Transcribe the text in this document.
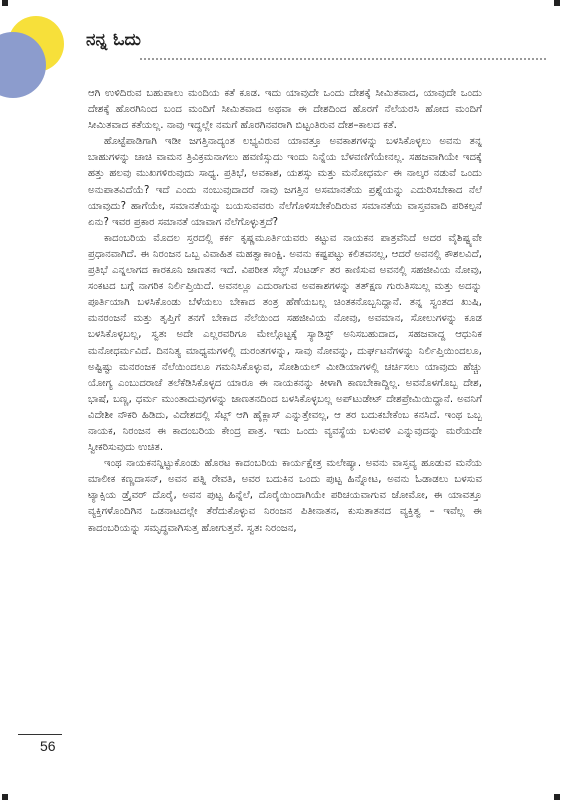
ನನ್ನ ಓದು

ಆಗಿ ಉಳಿದಿರುವ ಬಹುಪಾಲು ಮಂದಿಯ ಕತೆ ಕೂಡ. ಇದು ಯಾವುದೇ ಒಂದು ದೇಶಕ್ಕೆ ಸೀಮಿತವಾದ, ಯಾವುದೇ ಒಂದು ದೇಶಕ್ಕೆ ಹೊರಗಿನಿಂದ ಬಂದ ಮಂದಿಗೆ ಸೀಮಿತವಾದ ಅಥವಾ ಈ ದೇಶದಿಂದ ಹೊರಗೆ ನೆಲೆಯರಸಿ ಹೋದ ಮಂದಿಗೆ ಸೀಮಿತವಾದ ಕತೆಯಲ್ಲ. ನಾವು ಇದ್ದಲ್ಲೇ ನಮಗೆ ಹೊರಗಿನವರಾಗಿ ಬಿಟ್ಟಂತಿರುವ ದೇಶ–ಕಾಲದ ಕತೆ.

ಹೊಟ್ಟೆಪಾಡಿಗಾಗಿ ಇಡೀ ಜಗತ್ತಿನಾದ್ಯಂತ ಲಭ್ಯವಿರುವ ಯಾವತ್ತೂ ಅವಕಾಶಗಳನ್ನು ಬಳಸಿಕೊಳ್ಳಲು ಅವನು ತನ್ನ ಬಾಹುಗಳನ್ನು ಚಾಚಿ ವಾಮನ ತ್ರಿವಿಕ್ರಮನಾಗಲು ಹವಣಿಸ್ಸುದು ಇಂದು ನಿನ್ನೆಯ ಬೆಳವಣಿಗೆಯೇನಲ್ಲ. ಸಹಜವಾಗಿಯೇ ಇದಕ್ಕೆ ಹತ್ತು ಹಲವು ಮುಖಗಳಿರುವುದು ಸಾಧ್ಯ. ಪ್ರತಿಭೆ, ಅವಕಾಶ, ಯಶಸ್ಸು ಮತ್ತು ಮನೋಧರ್ಮ ಈ ನಾಲ್ಕರ ನಡುವೆ ಒಂದು ಅನುಪಾತವಿದೆಯೆ? ಇದೆ ಎಂದು ನಂಬುವುದಾದರೆ ನಾವು ಜಗತ್ತಿನ ಅಸಮಾನತೆಯ ಪ್ರಶ್ನೆಯನ್ನು ಎದುರಿಸಬೇಕಾದ ನೆಲೆ ಯಾವುದು? ಹಾಗೆಯೇ, ಸಮಾನತೆಯನ್ನು ಬಯಸುವವರು ನೆಲೆಗೊಳಿಸಬೇಕೆಂದಿರುವ ಸಮಾನತೆಯ ವಾಸ್ತವವಾದಿ ಪರಿಕಲ್ಪನೆ ಏನು? ಇವರ ಪ್ರಕಾರ ಸಮಾನತೆ ಯಾವಾಗ ನೆಲೆಗೊಳ್ಳುತ್ತದೆ?

ಕಾದಂಬರಿಯ ಮೊದಲ ಸ್ತರದಲ್ಲಿ ಕರ್ಕ ಕೃಷ್ಣಮೂರ್ತಿಯವರು ಕಟ್ಟುವ ನಾಯಕನ ಪಾತ್ರವೆನಿದೆ ಅದರ ವೈಶಿಷ್ಟ್ಯವೇ ಪ್ರಧಾನವಾಗಿದೆ. ಈ ನಿರಂಜನ ಒಬ್ಬ ವಿವಾಹಿತ ಮಹತ್ವಾಕಾಂಕ್ಷಿ. ಅವನು ಕಷ್ಟಪಟ್ಟು ಕಲಿತವನಲ್ಲ, ಆದರೆ ಅವನಲ್ಲಿ ಕೌಶಲವಿದೆ, ಪ್ರತಿಭೆ ಎನ್ನಲಾಗದ ಕಾರಕೂನಿ ಜಾಣತನ ಇದೆ. ವಿಪರೀತ ಸೆಲ್ಫ್ ಸೆಂಟರ್ಡ್ ತರ ಕಾಣಿಸುವ ಅವನಲ್ಲಿ ಸಹಜೀವಿಯ ನೋವು, ಸಂಕಟದ ಬಗ್ಗೆ ನಾಗರಿಕ ನಿರ್ಲಿಪ್ತಿಯಿದೆ. ಅವನಲ್ಲೂ ಎದುರಾಗುವ ಅವಕಾಶಗಳನ್ನು ತತ್‌ಕ್ಷಣ ಗುರುತಿಸಬಲ್ಲ ಮತ್ತು ಅದನ್ನು ಪೂರ್ತಿಯಾಗಿ ಬಳಸಿಕೊಂಡು ಬೆಳೆಯಲು ಬೇಕಾದ ತಂತ್ರ ಹೆಣೆಯಬಲ್ಲ ಚಿಂತಕನೊಬ್ಬನಿದ್ದಾನೆ. ತನ್ನ ಸ್ವಂತದ ಖುಷಿ, ಮನರಂಜನೆ ಮತ್ತು ತೃಪ್ತಿಗೆ ತನಗೆ ಬೇಕಾದ ನೆಲೆಯಿಂದ ಸಹಜೀವಿಯ ನೋವು, ಅವಮಾನ, ಸೋಲುಗಳನ್ನು ಕೂಡ ಬಳಸಿಕೊಳ್ಳಬಲ್ಲ, ಸ್ವತಃ ಅದೇ ಎಲ್ಲರವರಿಗೂ ಮೇಲ್ಗೊಟ್ಟಕ್ಕೆ ಸ್ಯಾಡಿಸ್ಟ್ ಅನಿಸಬಹುದಾದ, ಸಹಜವಾದ್ದ ಆಧುನಿಕ ಮನೋಧರ್ಮವಿದೆ. ದಿನನಿತ್ಯ ಮಾಧ್ಯಮಗಳಲ್ಲಿ ದುರಂತಗಳನ್ನು, ಸಾವು ನೋವನ್ನು, ದುರ್ಘಟನೆಗಳನ್ನು ನಿರ್ಲಿಪ್ತಿಯಿಂದಲೂ, ಅಷ್ಟಿಷ್ಟು ಮನರಂಜಕ ನೆಲೆಯಿಂದಲೂ ಗಮನಿಸಿಕೊಳ್ಳುವ, ಸೋಶಿಯಲ್ ಮೀಡಿಯಾಗಳಲ್ಲಿ ಚರ್ಚಿಸಲು ಯಾವುದು ಹೆಚ್ಚು ಯೋಗ್ಯ ಎಂಬುದರಾಚೆ ತಲೆಕೆಡಿಸಿಕೊಳ್ಳದ ಯಾರೂ ಈ ನಾಯಕನನ್ನು ಕೀಳಾಗಿ ಕಾಣಬೇಕಾದ್ದಿಲ್ಲ. ಅವನೊಳಗೊಬ್ಬ ದೇಶ, ಭಾಷೆ, ಬಣ್ಣ, ಧರ್ಮ ಮುಂತಾದುವುಗಳನ್ನು ಜಾಣತನದಿಂದ ಬಳಸಿಕೊಳ್ಳಬಲ್ಲ ಅಪ್‌ಟುಡೇಟ್ ದೇಶಪ್ರೇಮಿಯಿದ್ದಾನೆ. ಅವನಿಗೆ ವಿದೇಶೀ ನೌಕರಿ ಹಿಡಿದು, ವಿದೇಶದಲ್ಲಿ ಸೆಟ್ಲ್ ಆಗಿ ಹೈಕ್ಲಾಸ್ ಎನ್ನುತ್ತೇವಲ್ಲ, ಆ ತರ ಬದುಕಬೇಕೆಂಬ ಕನಸಿದೆ. ಇಂಥ ಒಬ್ಬ ನಾಯಕ, ನಿರಂಜನ ಈ ಕಾದಂಬರಿಯ ಕೇಂದ್ರ ಪಾತ್ರ. ಇದು ಒಂದು ವ್ಯವಸ್ಥೆಯ ಬಳುವಳಿ ಎನ್ನುವುದನ್ನು ಮರೆಯದೇ ಸ್ವೀಕರಿಸುವುದು ಉಚಿತ.

ಇಂಥ ನಾಯಕನನ್ನಿಟ್ಟುಕೊಂಡು ಹೊರಟ ಕಾದಂಬರಿಯ ಕಾರ್ಯಕ್ಷೇತ್ರ ಮಲೇಷ್ಯಾ. ಅವನು ವಾಸ್ತವ್ಯ ಹೂಡುವ ಮನೆಯ ಮಾಲೀಕ ಕಣ್ಣದಾಸನ್, ಅವನ ಪತ್ನಿ ರೇವತಿ, ಅವರ ಬದುಕಿನ ಒಂದು ಪುಟ್ಟ ಹಿನ್ನೋಟ, ಅವನು ಓಡಾಡಲು ಬಳಸುವ ಟ್ಯಾಕ್ಸಿಯ ಡ್ರೈವರ್ ದೊರೈ, ಅವನ ಪುಟ್ಟ ಹಿನ್ನೆಲೆ, ದೊರೈಯಿಂದಾಗಿಯೇ ಪರಿಚಯವಾಗುವ ಜೋಮೋ, ಈ ಯಾವತ್ತೂ ವ್ಯಕ್ತಿಗಳೊಂದಿಗಿನ ಒಡನಾಟದಲ್ಲೇ ತೆರೆದುಕೊಳ್ಳುವ ನಿರಂಜನ ಪಿತೀನಾತನ, ಕುಸುತಾತನದ ವ್ಯಕ್ತಿತ್ವ – ಇವೆಲ್ಲ ಈ ಕಾದಂಬರಿಯನ್ನು ಸಮೃದ್ಧವಾಗಿಸುತ್ತ ಹೋಗುತ್ತವೆ. ಸ್ವತಃ ನಿರಂಜನ,

56
